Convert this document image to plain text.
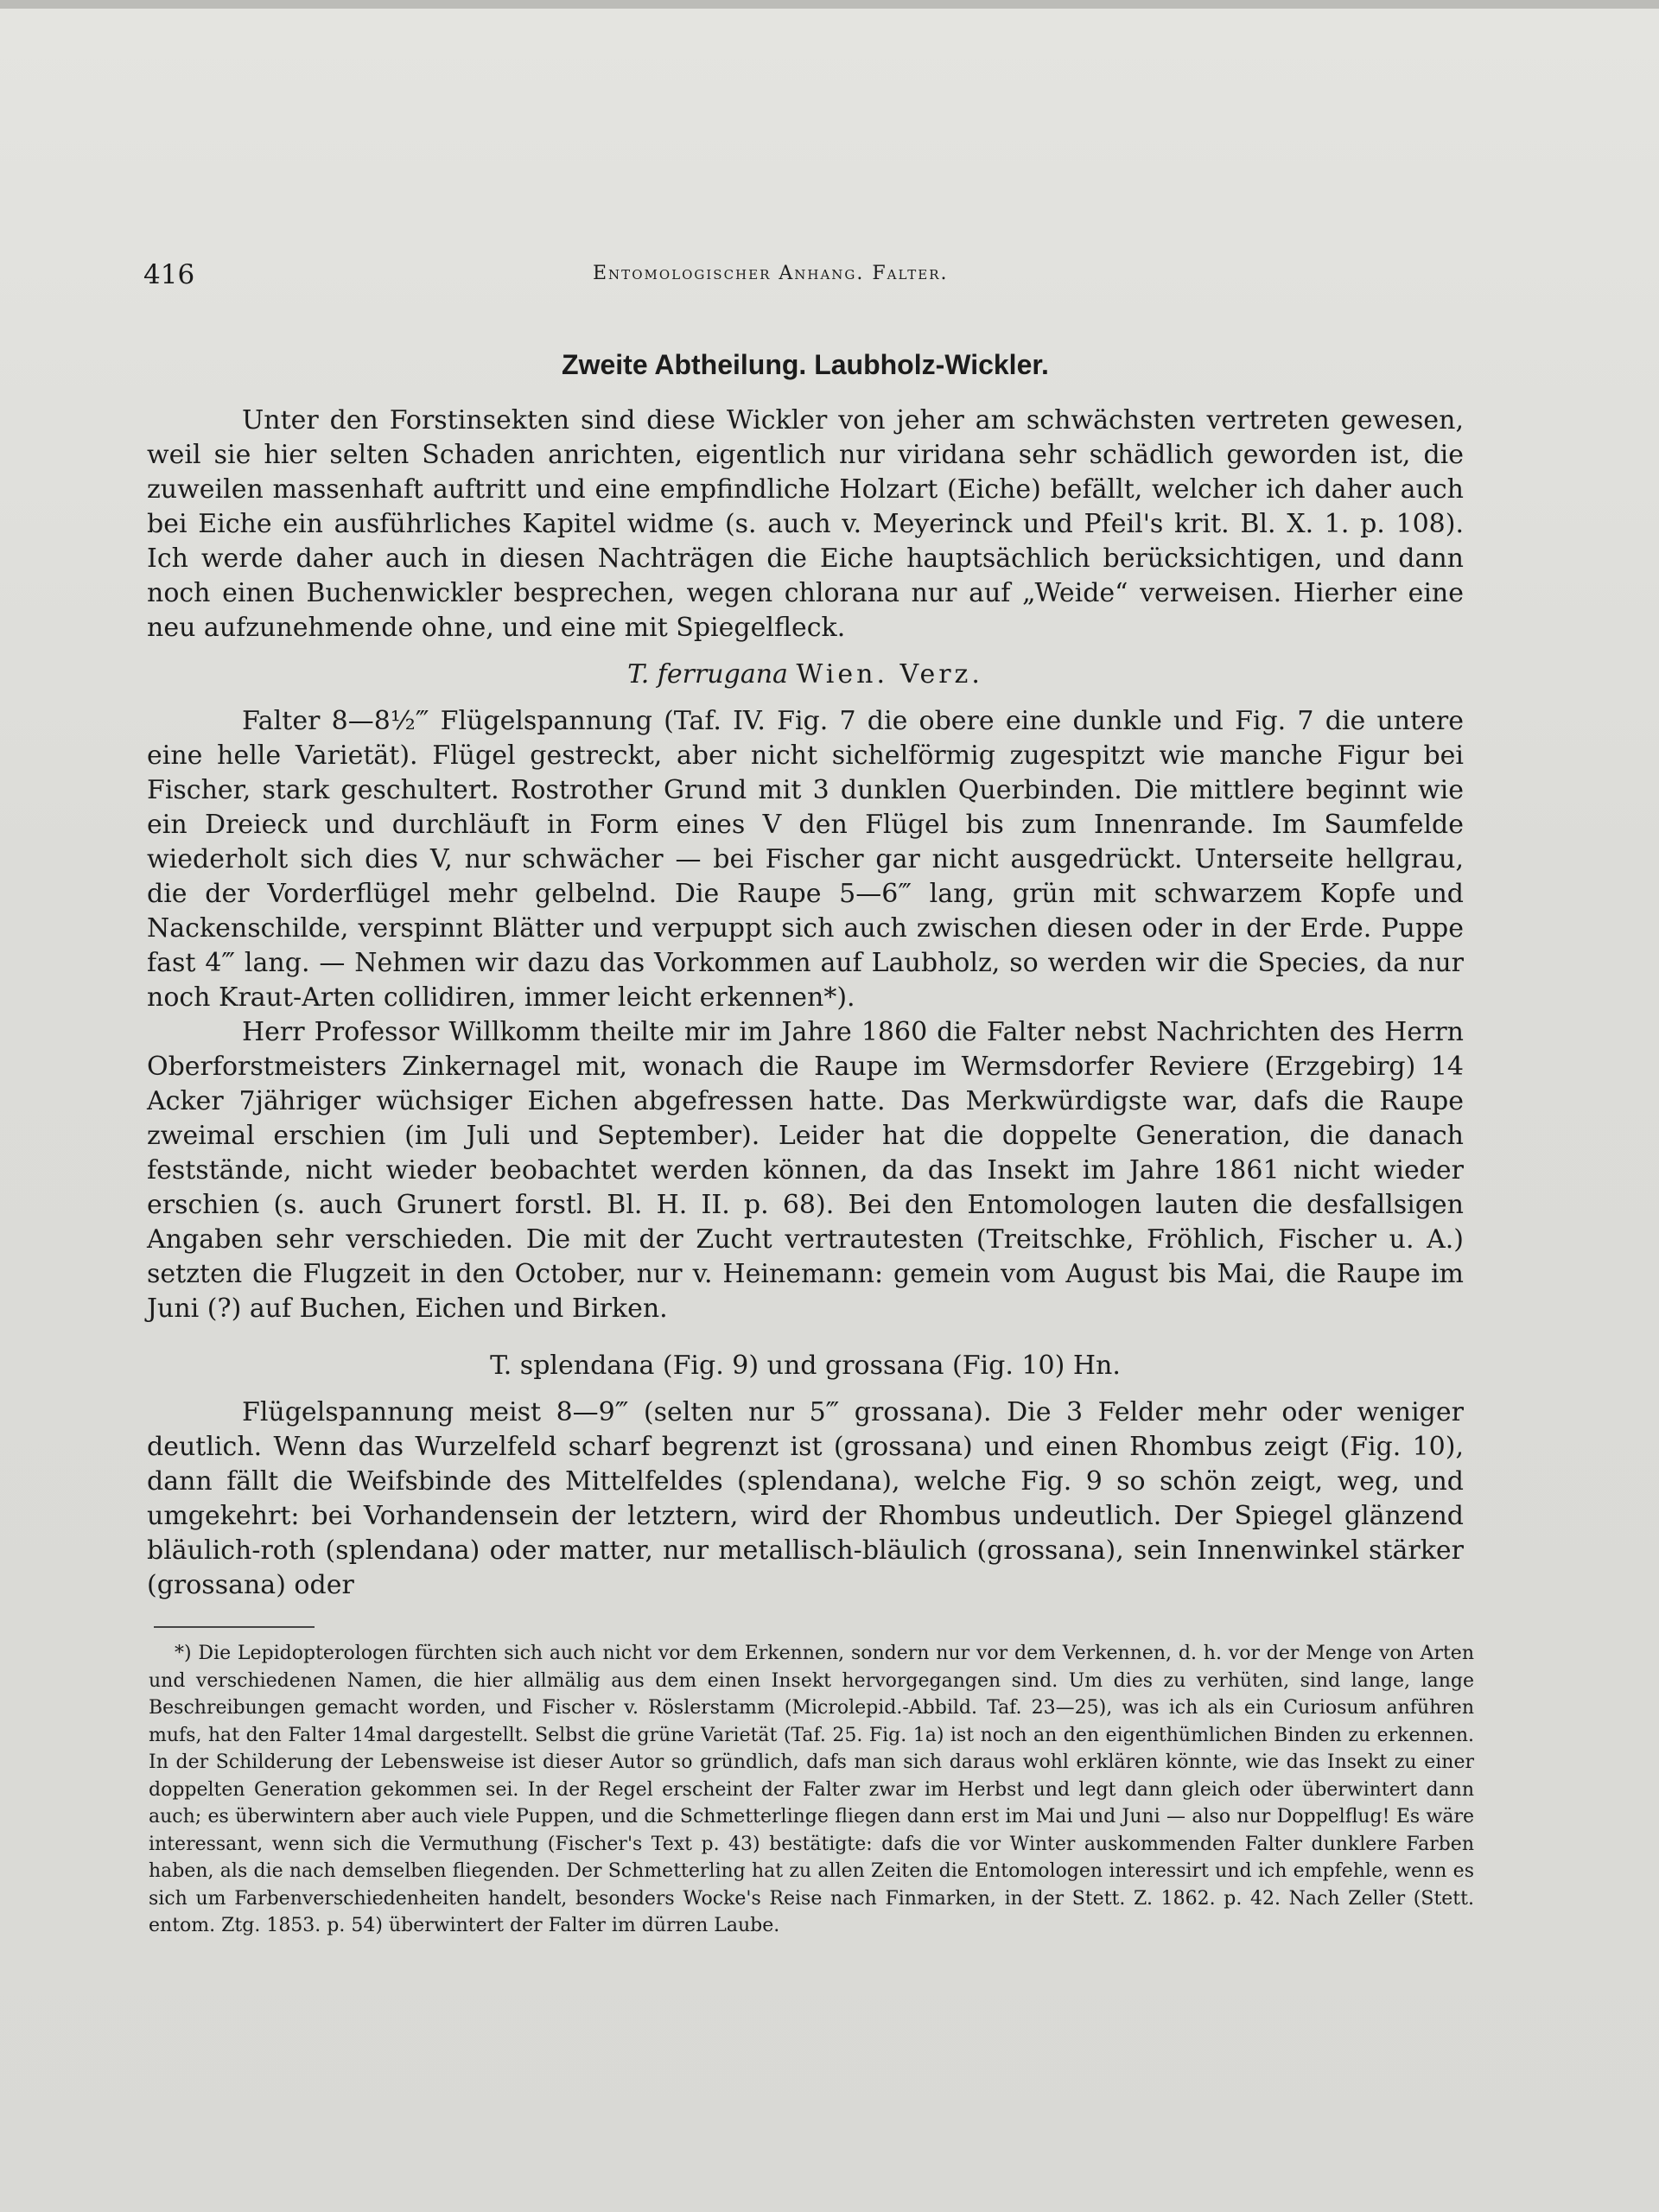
416	Entomologischer Anhang. Falter.
Zweite Abtheilung. Laubholz-Wickler.

Unter den Forstinsekten sind diese Wickler von jeher am schwächsten vertreten gewesen, weil sie hier selten Schaden anrichten, eigentlich nur viridana sehr schädlich geworden ist, die zuweilen massenhaft auftritt und eine empfindliche Holzart (Eiche) befällt, welcher ich daher auch bei Eiche ein ausführliches Kapitel widme (s. auch v. Meyerinck und Pfeil's krit. Bl. X. 1. p. 108). Ich werde daher auch in diesen Nachträgen die Eiche hauptsächlich berücksichtigen, und dann noch einen Buchenwickler besprechen, wegen chlorana nur auf „Weide“ verweisen. Hierher eine neu aufzunehmende ohne, und eine mit Spiegelfleck.

T. ferrugana Wien. Verz.

Falter 8—8½‴ Flügelspannung (Taf. IV. Fig. 7 die obere eine dunkle und Fig. 7 die untere eine helle Varietät). Flügel gestreckt, aber nicht sichelförmig zugespitzt wie manche Figur bei Fischer, stark geschultert. Rostrother Grund mit 3 dunklen Querbinden. Die mittlere beginnt wie ein Dreieck und durchläuft in Form eines V den Flügel bis zum Innenrande. Im Saumfelde wiederholt sich dies V, nur schwächer — bei Fischer gar nicht ausgedrückt. Unterseite hellgrau, die der Vorderflügel mehr gelbelnd. Die Raupe 5—6‴ lang, grün mit schwarzem Kopfe und Nackenschilde, verspinnt Blätter und verpuppt sich auch zwischen diesen oder in der Erde. Puppe fast 4‴ lang. — Nehmen wir dazu das Vorkommen auf Laubholz, so werden wir die Species, da nur noch Kraut-Arten collidiren, immer leicht erkennen*).

Herr Professor Willkomm theilte mir im Jahre 1860 die Falter nebst Nachrichten des Herrn Oberforstmeisters Zinkernagel mit, wonach die Raupe im Wermsdorfer Reviere (Erzgebirg) 14 Acker 7jähriger wüchsiger Eichen abgefressen hatte. Das Merkwürdigste war, dafs die Raupe zweimal erschien (im Juli und September). Leider hat die doppelte Generation, die danach feststände, nicht wieder beobachtet werden können, da das Insekt im Jahre 1861 nicht wieder erschien (s. auch Grunert forstl. Bl. H. II. p. 68). Bei den Entomologen lauten die desfallsigen Angaben sehr verschieden. Die mit der Zucht vertrautesten (Treitschke, Fröhlich, Fischer u. A.) setzten die Flugzeit in den October, nur v. Heinemann: gemein vom August bis Mai, die Raupe im Juni (?) auf Buchen, Eichen und Birken.

T. splendana (Fig. 9) und grossana (Fig. 10) Hn.

Flügelspannung meist 8—9‴ (selten nur 5‴ grossana). Die 3 Felder mehr oder weniger deutlich. Wenn das Wurzelfeld scharf begrenzt ist (grossana) und einen Rhombus zeigt (Fig. 10), dann fällt die Weifsbinde des Mittelfeldes (splendana), welche Fig. 9 so schön zeigt, weg, und umgekehrt: bei Vorhandensein der letztern, wird der Rhombus undeutlich. Der Spiegel glänzend bläulich-roth (splendana) oder matter, nur metallisch-bläulich (grossana), sein Innenwinkel stärker (grossana) oder

*) Die Lepidopterologen fürchten sich auch nicht vor dem Erkennen, sondern nur vor dem Verkennen, d. h. vor der Menge von Arten und verschiedenen Namen, die hier allmälig aus dem einen Insekt hervorgegangen sind. Um dies zu verhüten, sind lange, lange Beschreibungen gemacht worden, und Fischer v. Röslerstamm (Microlepid.-Abbild. Taf. 23—25), was ich als ein Curiosum anführen mufs, hat den Falter 14mal dargestellt. Selbst die grüne Varietät (Taf. 25. Fig. 1a) ist noch an den eigenthümlichen Binden zu erkennen. In der Schilderung der Lebensweise ist dieser Autor so gründlich, dafs man sich daraus wohl erklären könnte, wie das Insekt zu einer doppelten Generation gekommen sei. In der Regel erscheint der Falter zwar im Herbst und legt dann gleich oder überwintert dann auch; es überwintern aber auch viele Puppen, und die Schmetterlinge fliegen dann erst im Mai und Juni — also nur Doppelflug! Es wäre interessant, wenn sich die Vermuthung (Fischer's Text p. 43) bestätigte: dafs die vor Winter auskommenden Falter dunklere Farben haben, als die nach demselben fliegenden. Der Schmetterling hat zu allen Zeiten die Entomologen interessirt und ich empfehle, wenn es sich um Farbenverschiedenheiten handelt, besonders Wocke's Reise nach Finmarken, in der Stett. Z. 1862. p. 42. Nach Zeller (Stett. entom. Ztg. 1853. p. 54) überwintert der Falter im dürren Laube.
